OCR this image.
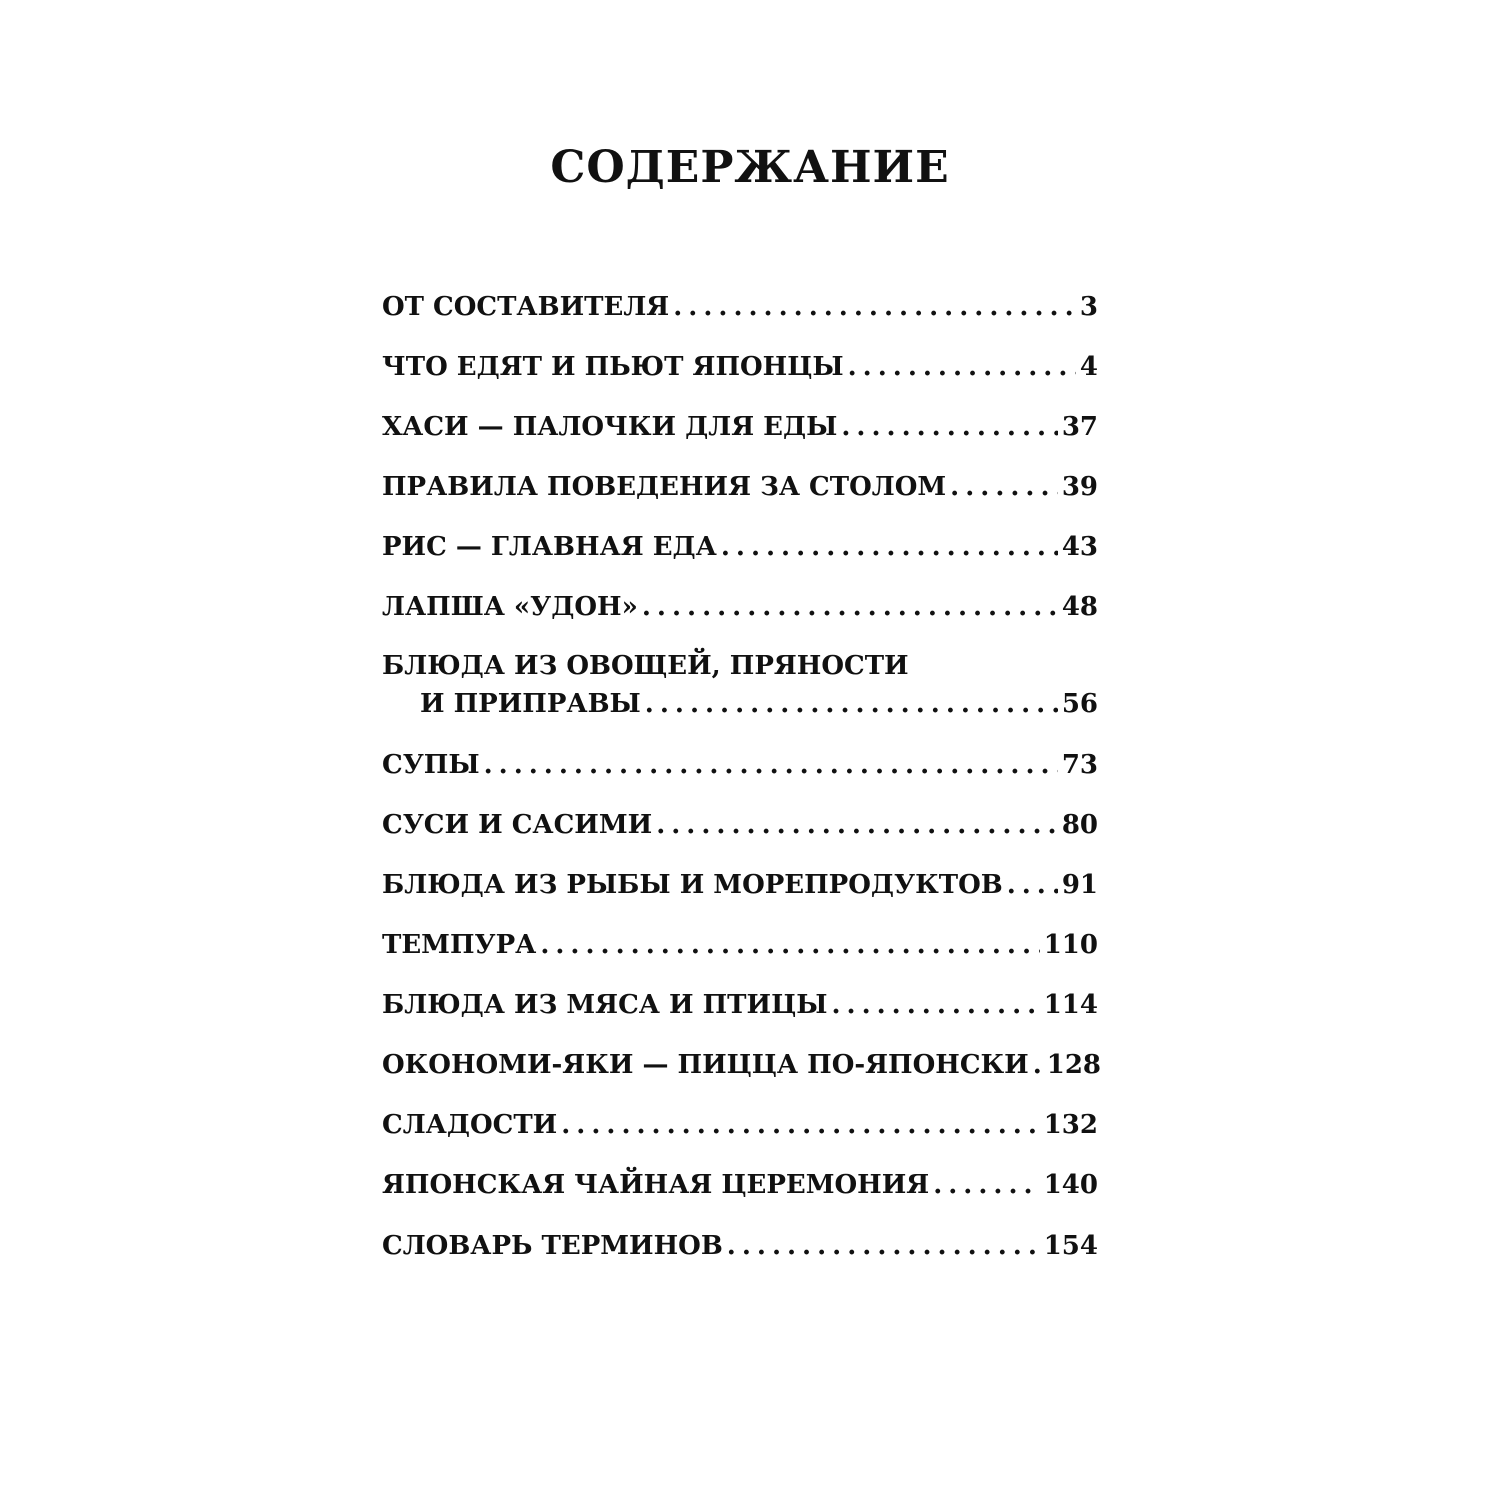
СОДЕРЖАНИЕ
ОТ СОСТАВИТЕЛЯ .....	3
ЧТО ЕДЯТ И ПЬЮТ ЯПОНЦЫ .....	4
ХАСИ — ПАЛОЧКИ ДЛЯ ЕДЫ .....	37
ПРАВИЛА ПОВЕДЕНИЯ ЗА СТОЛОМ .....	39
РИС — ГЛАВНАЯ ЕДА .....	43
ЛАПША «УДОН» .....	48
БЛЮДА ИЗ ОВОЩЕЙ, ПРЯНОСТИ
И ПРИПРАВЫ .....	56
СУПЫ .....	73
СУСИ И САСИМИ .....	80
БЛЮДА ИЗ РЫБЫ И МОРЕПРОДУКТОВ ..... 91
ТЕМПУРА .....	110
БЛЮДА ИЗ МЯСА И ПТИЦЫ .....	114
ОКОНОМИ-ЯКИ — ПИЦЦА ПО-ЯПОНСКИ ..... 128
СЛАДОСТИ .....	132
ЯПОНСКАЯ ЧАЙНАЯ ЦЕРЕМОНИЯ .....	140
СЛОВАРЬ ТЕРМИНОВ .....	154
